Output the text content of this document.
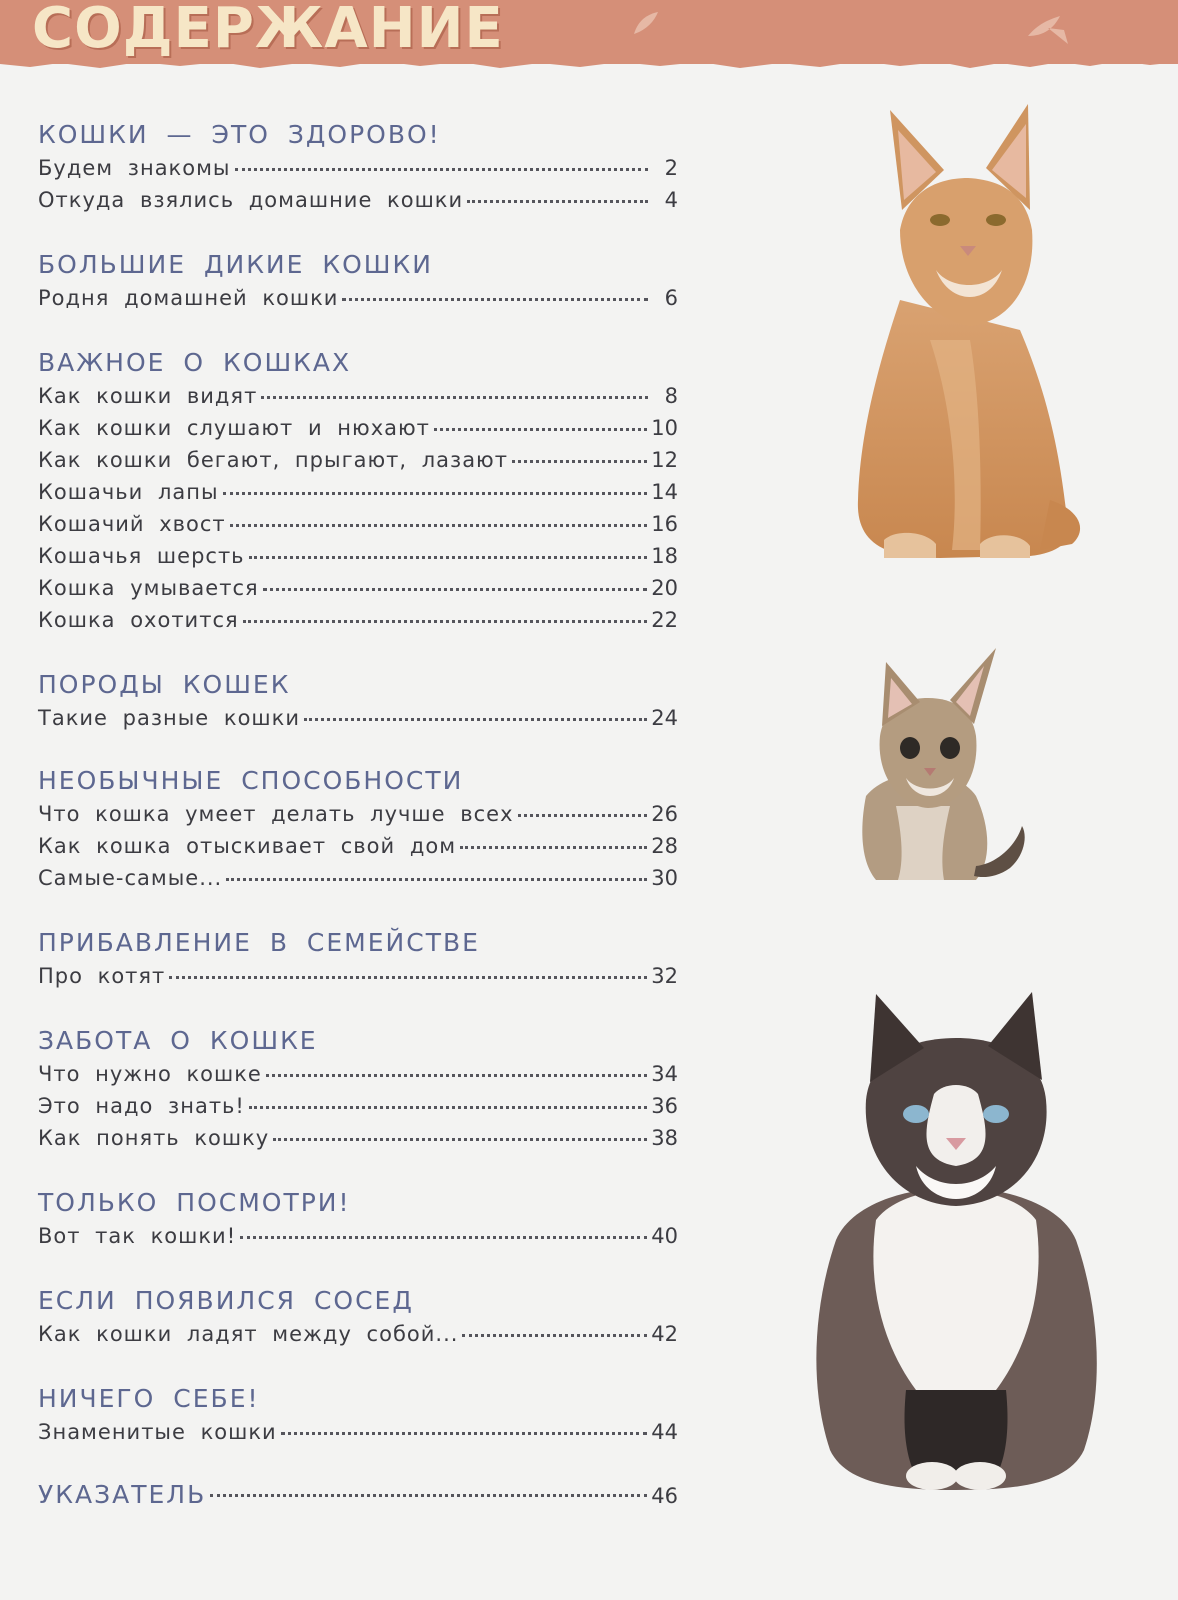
СОДЕРЖАНИЕ
КОШКИ — ЭТО ЗДОРОВО!
Будем знакомы	2
Откуда взялись домашние кошки	4
БОЛЬШИЕ ДИКИЕ КОШКИ
Родня домашней кошки	6
ВАЖНОЕ О КОШКАХ
Как кошки видят	8
Как кошки слушают и нюхают	10
Как кошки бегают, прыгают, лазают	12
Кошачьи лапы	14
Кошачий хвост	16
Кошачья шерсть	18
Кошка умывается	20
Кошка охотится	22
ПОРОДЫ КОШЕК
Такие разные кошки	24
НЕОБЫЧНЫЕ СПОСОБНОСТИ
Что кошка умеет делать лучше всех	26
Как кошка отыскивает свой дом	28
Самые-самые...	30
ПРИБАВЛЕНИЕ В СЕМЕЙСТВЕ
Про котят	32
ЗАБОТА О КОШКЕ
Что нужно кошке	34
Это надо знать!	36
Как понять кошку	38
ТОЛЬКО ПОСМОТРИ!
Вот так кошки!	40
ЕСЛИ ПОЯВИЛСЯ СОСЕД
Как кошки ладят между собой...	42
НИЧЕГО СЕБЕ!
Знаменитые кошки	44
УКАЗАТЕЛЬ	46
